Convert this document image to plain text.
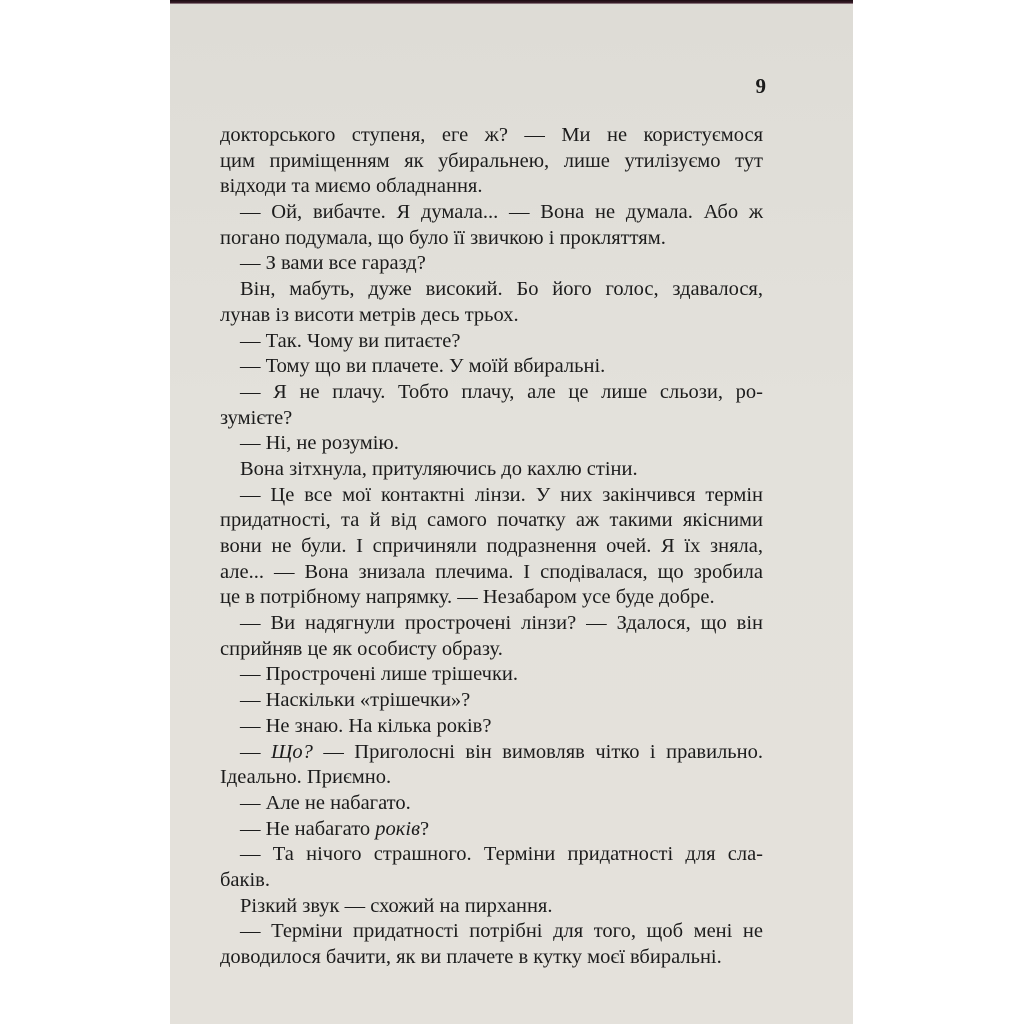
9
докторського ступеня, еге ж? — Ми не користуємося
цим приміщенням як убиральнею, лише утилізуємо тут
відходи та миємо обладнання.
— Ой, вибачте. Я думала... — Вона не думала. Або ж
погано подумала, що було її звичкою і прокляттям.
— З вами все гаразд?
Він, мабуть, дуже високий. Бо його голос, здавалося,
лунав із висоти метрів десь трьох.
— Так. Чому ви питаєте?
— Тому що ви плачете. У моїй вбиральні.
— Я не плачу. Тобто плачу, але це лише сльози, ро-
зумієте?
— Ні, не розумію.
Вона зітхнула, притуляючись до кахлю стіни.
— Це все мої контактні лінзи. У них закінчився термін
придатності, та й від самого початку аж такими якісними
вони не були. І спричиняли подразнення очей. Я їх зняла,
але... — Вона знизала плечима. І сподівалася, що зробила
це в потрібному напрямку. — Незабаром усе буде добре.
— Ви надягнули прострочені лінзи? — Здалося, що він
сприйняв це як особисту образу.
— Прострочені лише трішечки.
— Наскільки «трішечки»?
— Не знаю. На кілька років?
— Що? — Приголосні він вимовляв чітко і правильно.
Ідеально. Приємно.
— Але не набагато.
— Не набагато років?
— Та нічого страшного. Терміни придатності для сла-
баків.
Різкий звук — схожий на пирхання.
— Терміни придатності потрібні для того, щоб мені не
доводилося бачити, як ви плачете в кутку моєї вбиральні.
